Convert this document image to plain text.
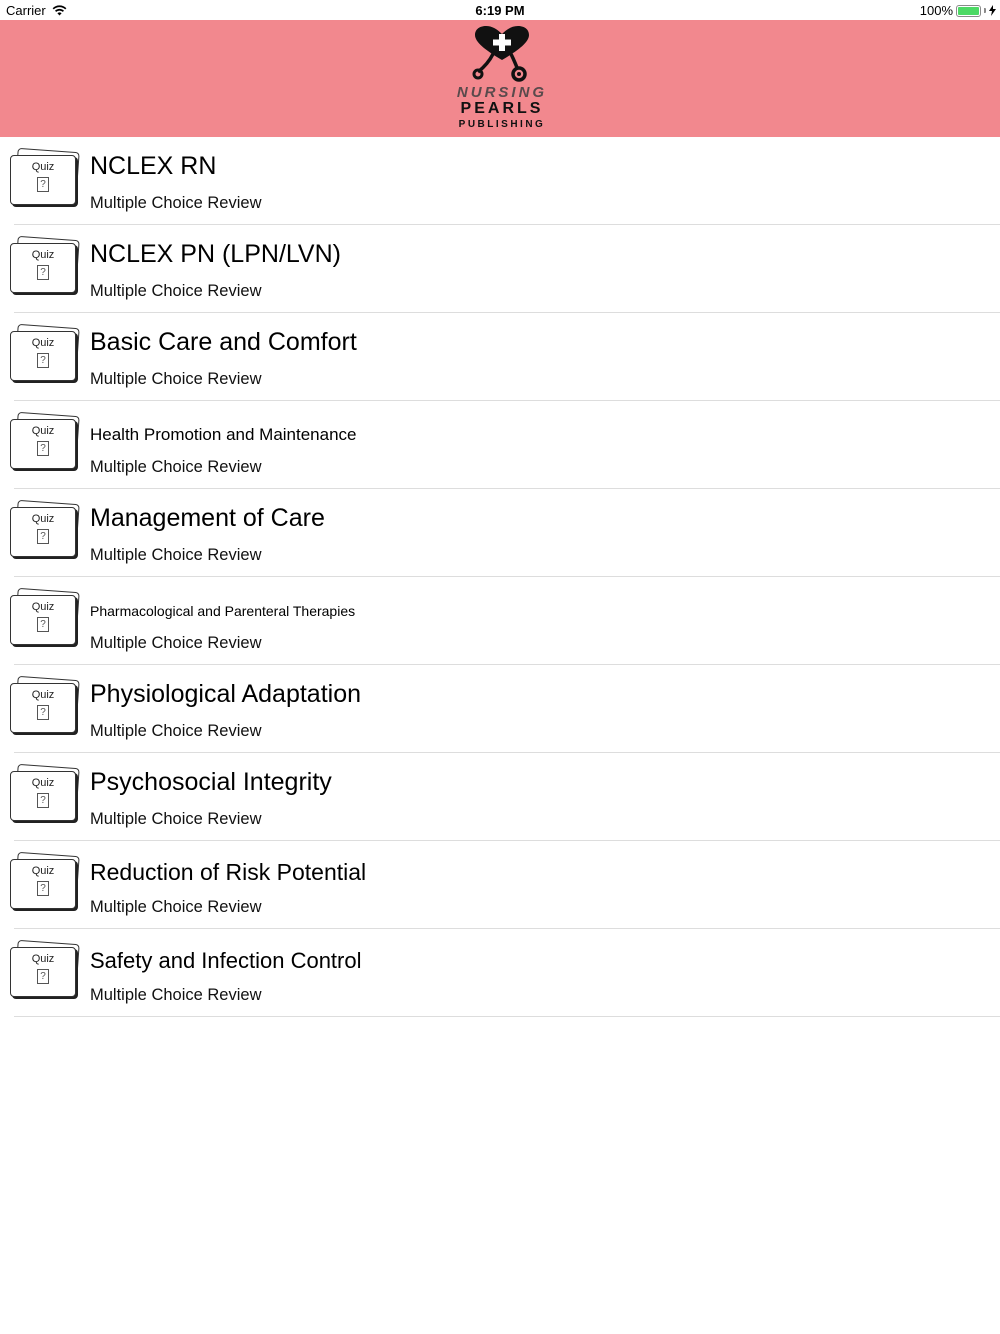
Carrier	6:19 PM	100%
NURSING
PEARLS
PUBLISHING
Quiz
?
NCLEX RN
Multiple Choice Review
Quiz
?
NCLEX PN (LPN/LVN)
Multiple Choice Review
Quiz
?
Basic Care and Comfort
Multiple Choice Review
Quiz
?
Health Promotion and Maintenance
Multiple Choice Review
Quiz
?
Management of Care
Multiple Choice Review
Quiz
?
Pharmacological and Parenteral Therapies
Multiple Choice Review
Quiz
?
Physiological Adaptation
Multiple Choice Review
Quiz
?
Psychosocial Integrity
Multiple Choice Review
Quiz
?
Reduction of Risk Potential
Multiple Choice Review
Quiz
?
Safety and Infection Control
Multiple Choice Review
